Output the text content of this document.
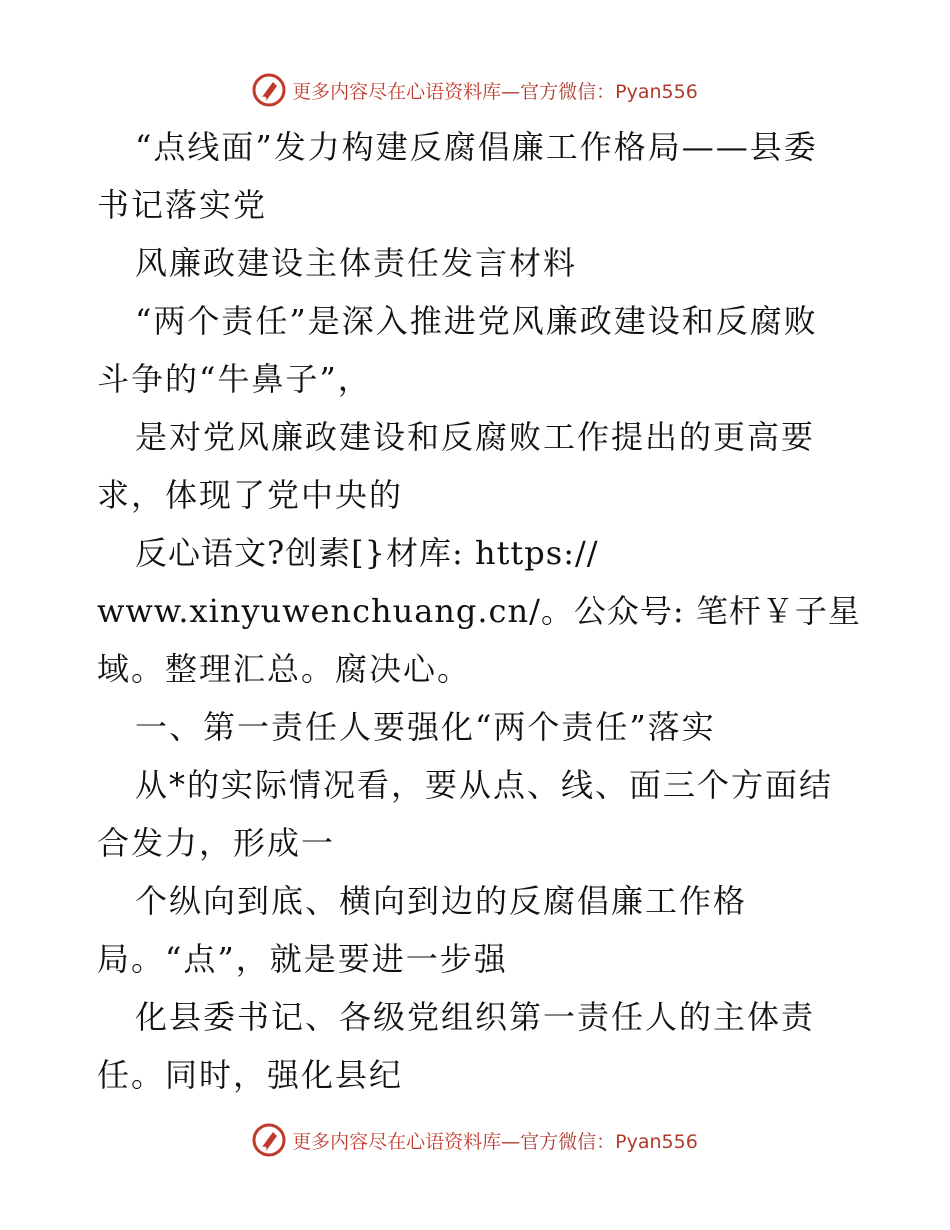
更多内容尽在心语资料库 —官方微信：Pyan556
“点线面”发力构建反腐倡廉工作格局——县委
书记落实党
风廉政建设主体责任发言材料
“两个责任”是深入推进党风廉政建设和反腐败
斗争的“牛鼻子”，
是对党风廉政建设和反腐败工作提出的更高要
求，体现了党中央的
反心语文?创素[}材库: https://
www.xinyuwenchuang.cn/。公众号: 笔杆￥子星
域。整理汇总。腐决心。
一、第一责任人要强化“两个责任”落实
从*的实际情况看，要从点、线、面三个方面结
合发力，形成一
个纵向到底、横向到边的反腐倡廉工作格
局。“点”，就是要进一步强
化县委书记、各级党组织第一责任人的主体责
任。同时，强化县纪
更多内容尽在心语资料库 —官方微信：Pyan556
